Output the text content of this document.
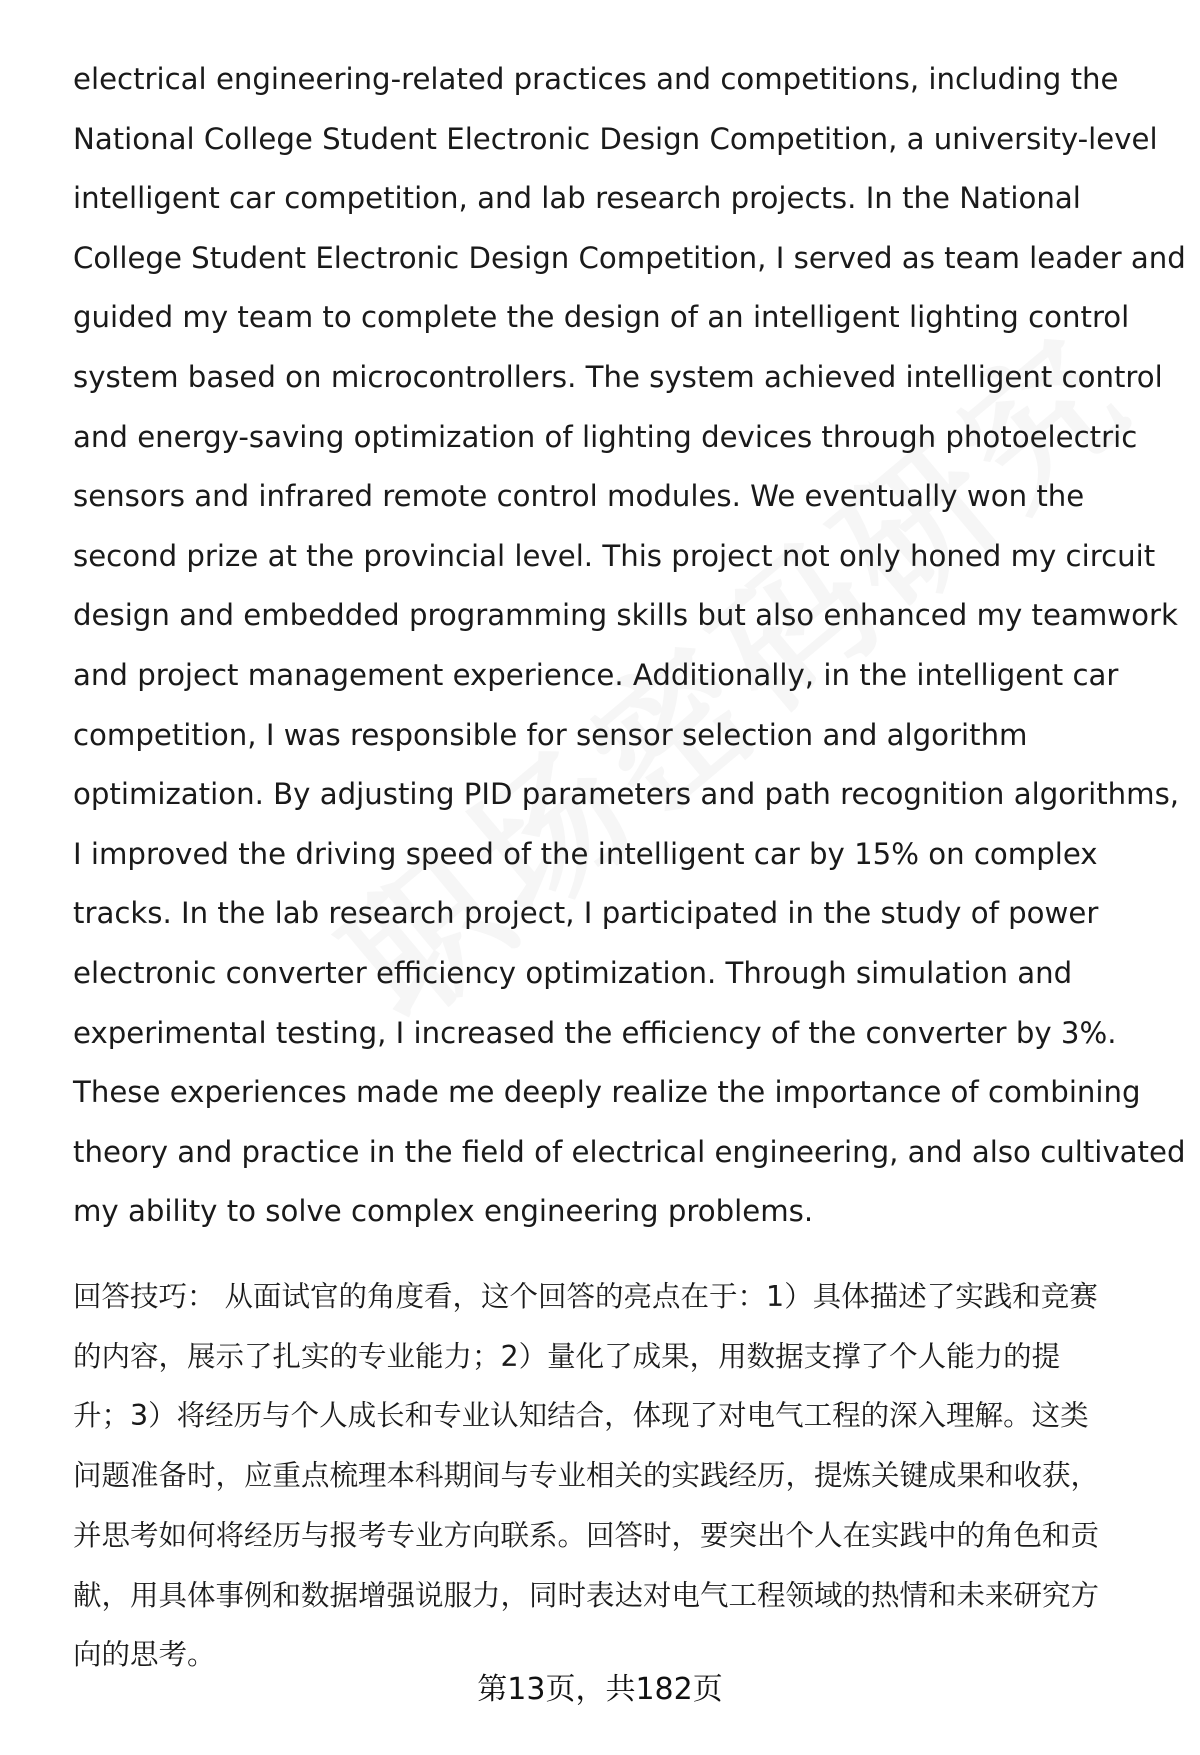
electrical engineering-related practices and competitions, including the
National College Student Electronic Design Competition, a university-level
intelligent car competition, and lab research projects. In the National
College Student Electronic Design Competition, I served as team leader and
guided my team to complete the design of an intelligent lighting control
system based on microcontrollers. The system achieved intelligent control
and energy-saving optimization of lighting devices through photoelectric
sensors and infrared remote control modules. We eventually won the
second prize at the provincial level. This project not only honed my circuit
design and embedded programming skills but also enhanced my teamwork
and project management experience. Additionally, in the intelligent car
competition, I was responsible for sensor selection and algorithm
optimization. By adjusting PID parameters and path recognition algorithms,
I improved the driving speed of the intelligent car by 15% on complex
tracks. In the lab research project, I participated in the study of power
electronic converter efficiency optimization. Through simulation and
experimental testing, I increased the efficiency of the converter by 3%.
These experiences made me deeply realize the importance of combining
theory and practice in the field of electrical engineering, and also cultivated
my ability to solve complex engineering problems.

回答技巧： 从面试官的角度看，这个回答的亮点在于：1）具体描述了实践和竞赛
的内容，展示了扎实的专业能力；2）量化了成果，用数据支撑了个人能力的提
升；3）将经历与个人成长和专业认知结合，体现了对电气工程的深入理解。这类
问题准备时，应重点梳理本科期间与专业相关的实践经历，提炼关键成果和收获，
并思考如何将经历与报考专业方向联系。回答时，要突出个人在实践中的角色和贡
献，用具体事例和数据增强说服力，同时表达对电气工程领域的热情和未来研究方
向的思考。

第13页，共182页
